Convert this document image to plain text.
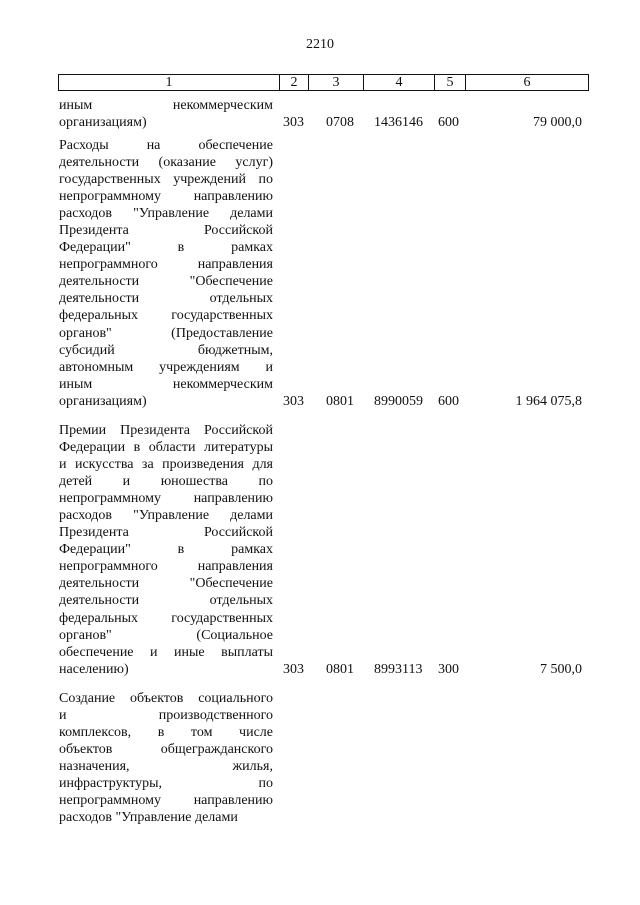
2210
1	2	3	4	5	6
иным некоммерческим
организациям)	303 0708 1436146 600	79 000,0
Расходы на обеспечение
деятельности (оказание услуг)
государственных учреждений по
непрограммному направлению
расходов "Управление делами
Президента Российской
Федерации" в рамках
непрограммного направления
деятельности "Обеспечение
деятельности отдельных
федеральных государственных
органов" (Предоставление
субсидий бюджетным,
автономным учреждениям и
иным некоммерческим
организациям)	303 0801 8990059 600	1 964 075,8
Премии Президента Российской
Федерации в области литературы
и искусства за произведения для
детей и юношества по
непрограммному направлению
расходов "Управление делами
Президента Российской
Федерации" в рамках
непрограммного направления
деятельности "Обеспечение
деятельности отдельных
федеральных государственных
органов" (Социальное
обеспечение и иные выплаты
населению)	303 0801 8993113 300	7 500,0
Создание объектов социального
и производственного
комплексов, в том числе
объектов общегражданского
назначения, жилья,
инфраструктуры, по
непрограммному направлению
расходов "Управление делами
